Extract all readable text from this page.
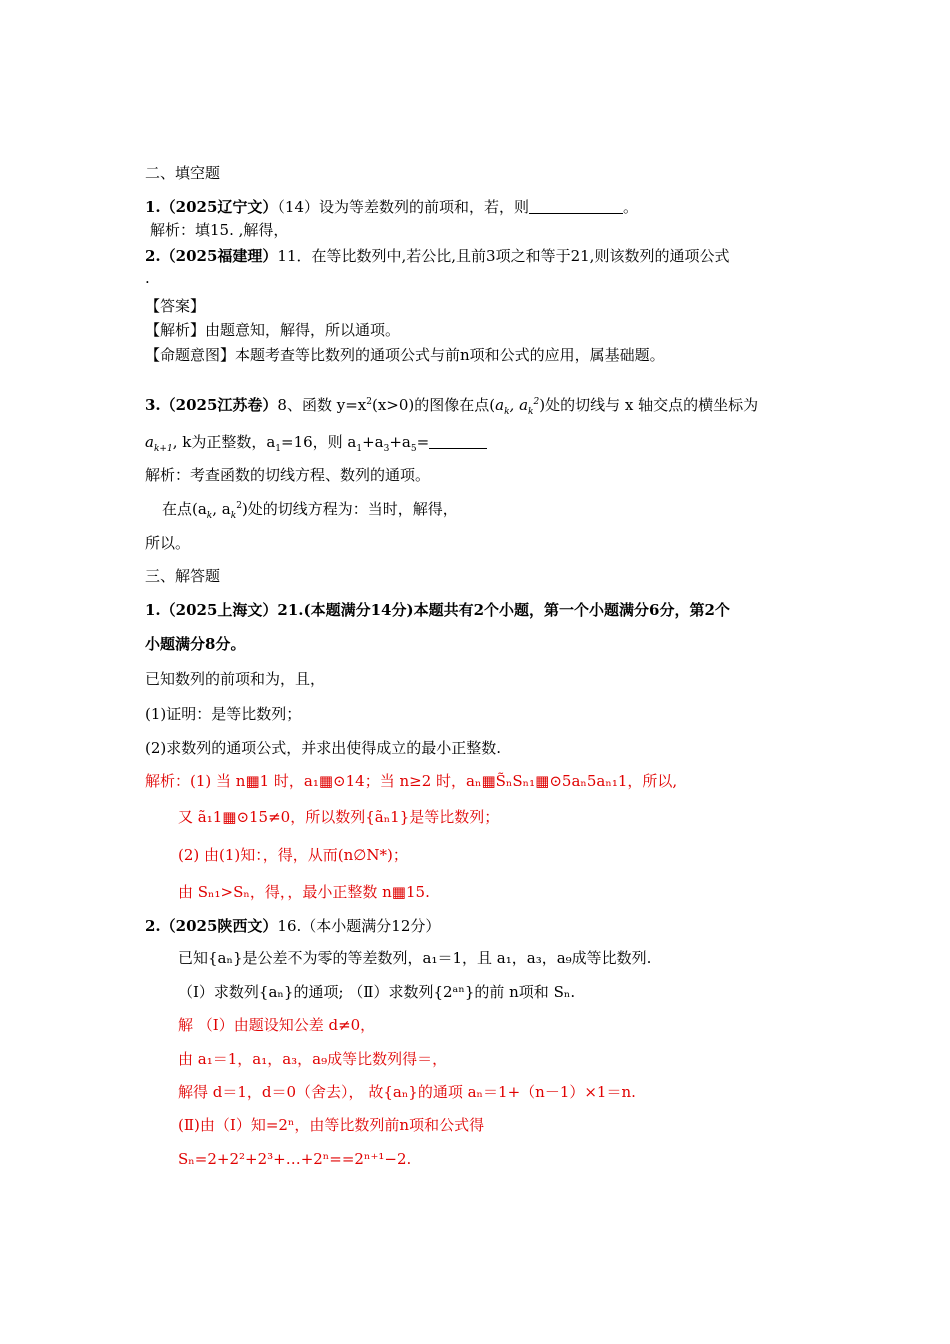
二、填空题
1.（2025辽宁文）（14）设为等差数列的前项和，若，则	。
解析：填15. ,解得，
2.（2025福建理）11．在等比数列中,若公比,且前3项之和等于21,则该数列的通项公式
.
【答案】
【解析】由题意知，解得，所以通项。
【命题意图】本题考查等比数列的通项公式与前n项和公式的应用，属基础题。
3.（2025江苏卷）8、函数 $y=x^2(x>0)$的图像在点($a_k$, $a_k^2$)处的切线与 x 轴交点的横坐标为
$a_{k+1}$, k为正整数，$a_1=16$，则 $a_1+a_3+a_5=$
解析：考查函数的切线方程、数列的通项。
在点($a_k$, $a_k^2$)处的切线方程为：当时，解得，
所以。
三、解答题
1.（2025上海文）21.(本题满分14分)本题共有2个小题，第一个小题满分6分，第2个
小题满分8分。
已知数列的前项和为，且，
(1)证明：是等比数列；
(2)求数列的通项公式，并求出使得成立的最小正整数.
解析：(1) 当 n▦1 时，a₁▦⊙14；当 n≥2 时，aₙ▦S̃ₙSₙ₁▦⊙5aₙ5aₙ₁1，所以,
又 ã₁1▦⊙15≠0，所以数列{ãₙ1}是等比数列；
(2) 由(1)知：，得，从而(n∅N*)；
由 Sₙ₁>Sₙ，得，，最小正整数 n▦15.
2.（2025陕西文）16.（本小题满分12分）
已知{aₙ}是公差不为零的等差数列，a₁＝1，且 a₁，a₃，a₉成等比数列.
（Ⅰ）求数列{aₙ}的通项; （Ⅱ）求数列{2ᵃⁿ}的前 n项和 Sₙ.
解 （Ⅰ）由题设知公差 d≠0，
由 a₁＝1，a₁，a₃，a₉成等比数列得＝，
解得 d＝1，d＝0（舍去）， 故{aₙ}的通项 aₙ＝1+（n－1）×1＝n.
(Ⅱ)由（Ⅰ）知=2ⁿ，由等比数列前n项和公式得
Sₙ=2+2²+2³+…+2ⁿ==2ⁿ⁺¹−2.
